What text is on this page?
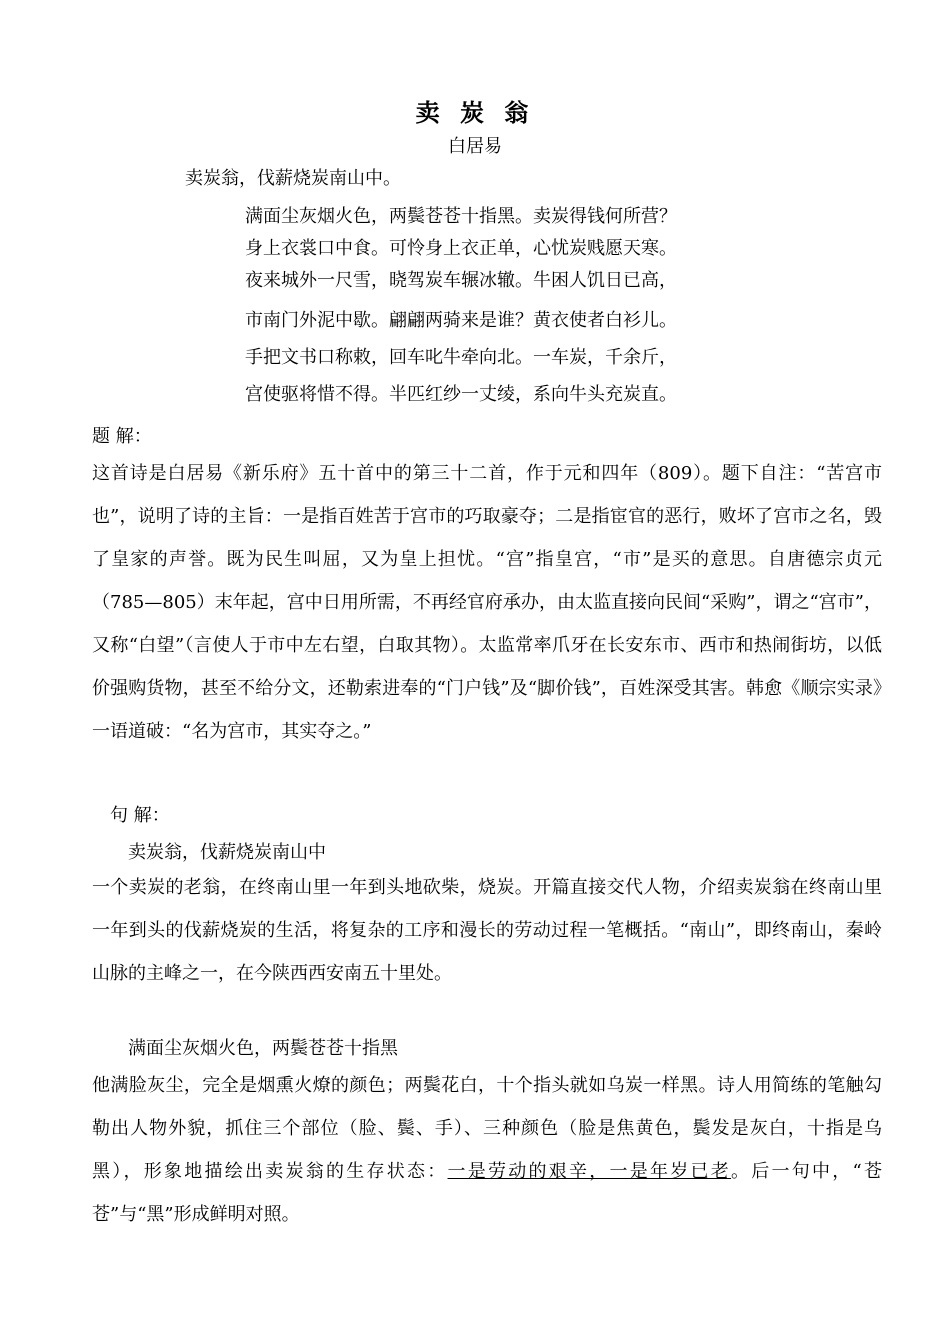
卖 炭 翁
白居易
卖炭翁，伐薪烧炭南山中。
满面尘灰烟火色，两鬓苍苍十指黑。卖炭得钱何所营？
身上衣裳口中食。可怜身上衣正单，心忧炭贱愿天寒。
夜来城外一尺雪，晓驾炭车辗冰辙。牛困人饥日已高，
市南门外泥中歇。翩翩两骑来是谁？黄衣使者白衫儿。
手把文书口称敕，回车叱牛牵向北。一车炭，千余斤，
宫使驱将惜不得。半匹红纱一丈绫，系向牛头充炭直。
题 解：
这首诗是白居易《新乐府》五十首中的第三十二首，作于元和四年（809）。题下自注：“苦宫市也”，说明了诗的主旨：一是指百姓苦于宫市的巧取豪夺；二是指宦官的恶行，败坏了宫市之名，毁了皇家的声誉。既为民生叫屈，又为皇上担忧。“宫”指皇宫，“市”是买的意思。自唐德宗贞元（785—805）末年起，宫中日用所需，不再经官府承办，由太监直接向民间“采购”，谓之“宫市”，又称“白望”（言使人于市中左右望，白取其物）。太监常率爪牙在长安东市、西市和热闹街坊，以低价强购货物，甚至不给分文，还勒索进奉的“门户钱”及“脚价钱”，百姓深受其害。韩愈《顺宗实录》一语道破：“名为宫市，其实夺之。”
句 解：
卖炭翁，伐薪烧炭南山中
一个卖炭的老翁，在终南山里一年到头地砍柴，烧炭。开篇直接交代人物，介绍卖炭翁在终南山里一年到头的伐薪烧炭的生活，将复杂的工序和漫长的劳动过程一笔概括。“南山”，即终南山，秦岭山脉的主峰之一，在今陕西西安南五十里处。
满面尘灰烟火色，两鬓苍苍十指黑
他满脸灰尘，完全是烟熏火燎的颜色；两鬓花白，十个指头就如乌炭一样黑。诗人用简练的笔触勾勒出人物外貌，抓住三个部位（脸、鬓、手）、三种颜色（脸是焦黄色，鬓发是灰白，十指是乌黑），形象地描绘出卖炭翁的生存状态：一是劳动的艰辛，一是年岁已老。后一句中，“苍苍”与“黑”形成鲜明对照。
